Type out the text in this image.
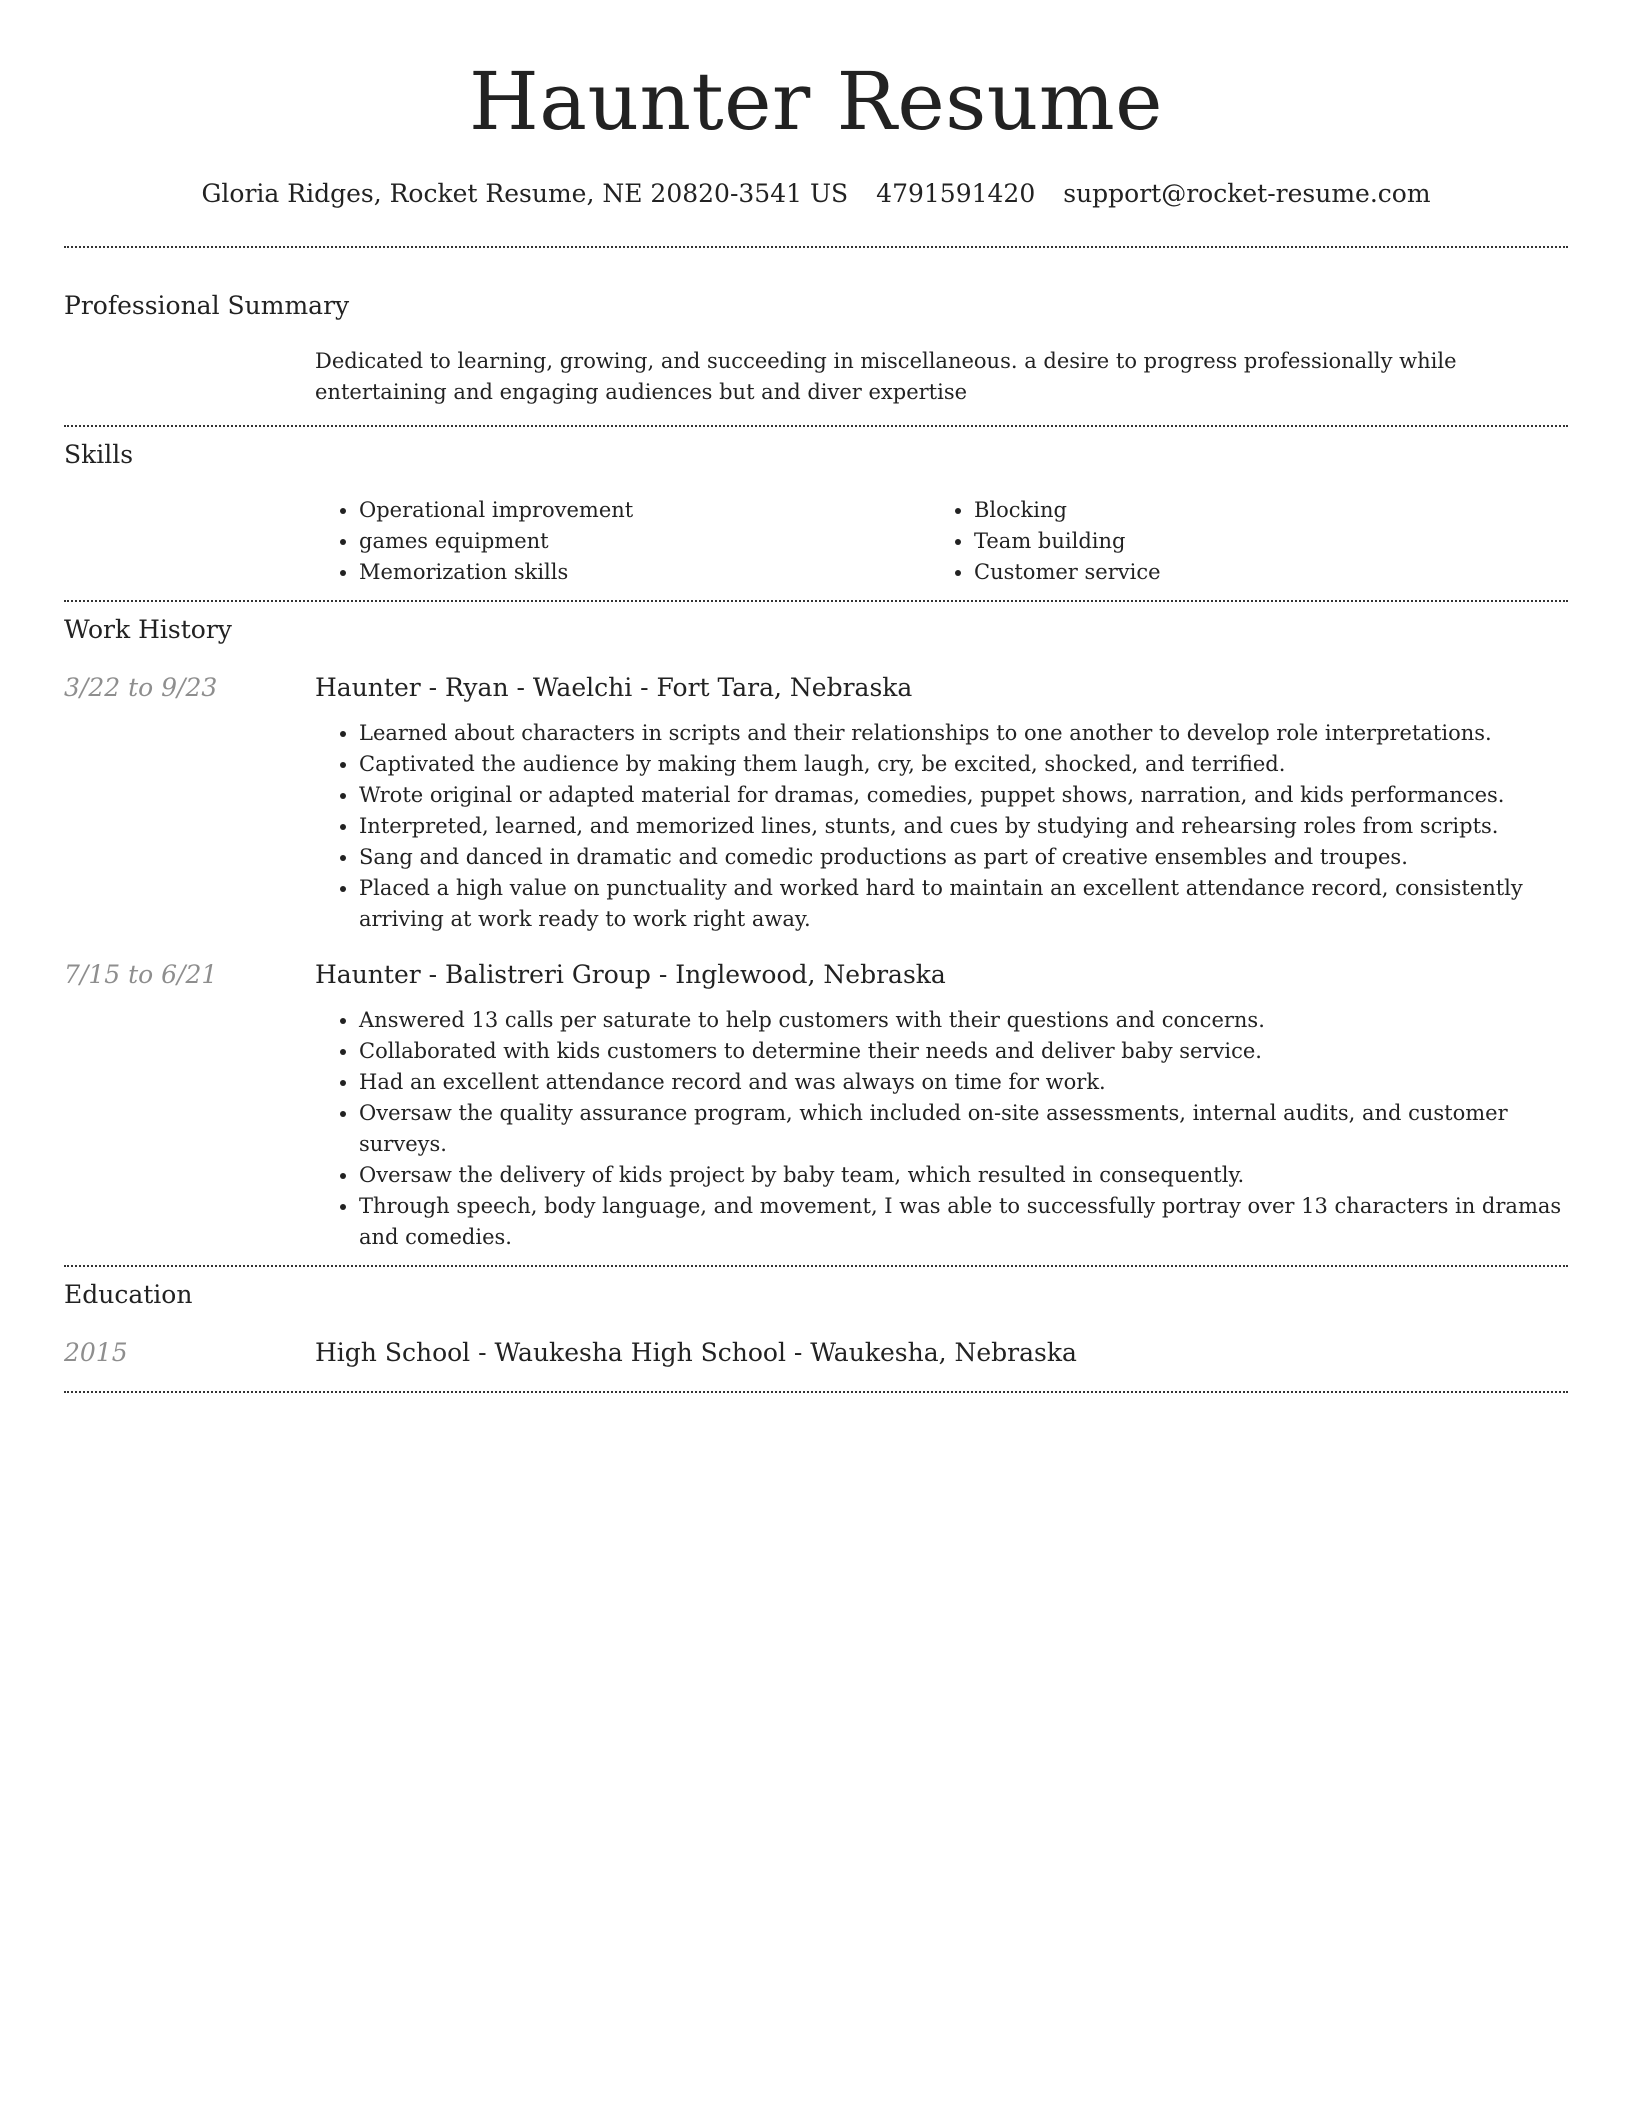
Haunter Resume
Gloria Ridges, Rocket Resume, NE 20820-3541 US 4791591420 support@rocket-resume.com
Professional Summary
Dedicated to learning, growing, and succeeding in miscellaneous. a desire to progress professionally while entertaining and engaging audiences but and diver expertise
Skills
• Operational improvement
• games equipment
• Memorization skills
• Blocking
• Team building
• Customer service
Work History
3/22 to 9/23	Haunter - Ryan - Waelchi - Fort Tara, Nebraska
• Learned about characters in scripts and their relationships to one another to develop role interpretations.
• Captivated the audience by making them laugh, cry, be excited, shocked, and terrified.
• Wrote original or adapted material for dramas, comedies, puppet shows, narration, and kids performances.
• Interpreted, learned, and memorized lines, stunts, and cues by studying and rehearsing roles from scripts.
• Sang and danced in dramatic and comedic productions as part of creative ensembles and troupes.
• Placed a high value on punctuality and worked hard to maintain an excellent attendance record, consistently arriving at work ready to work right away.
7/15 to 6/21	Haunter - Balistreri Group - Inglewood, Nebraska
• Answered 13 calls per saturate to help customers with their questions and concerns.
• Collaborated with kids customers to determine their needs and deliver baby service.
• Had an excellent attendance record and was always on time for work.
• Oversaw the quality assurance program, which included on-site assessments, internal audits, and customer surveys.
• Oversaw the delivery of kids project by baby team, which resulted in consequently.
• Through speech, body language, and movement, I was able to successfully portray over 13 characters in dramas and comedies.
Education
2015	High School - Waukesha High School - Waukesha, Nebraska
